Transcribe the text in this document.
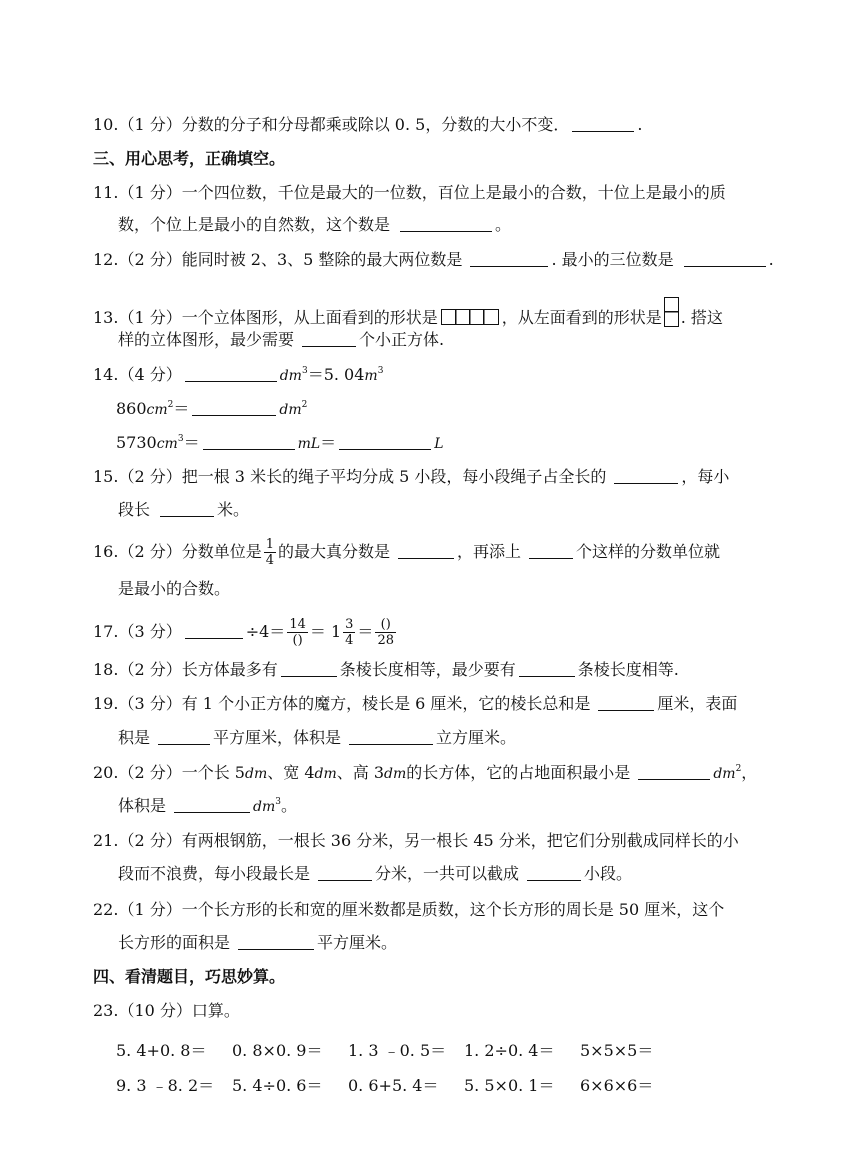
10.（1 分）分数的分子和分母都乘或除以 0. 5，分数的大小不变．	.
三、用心思考，正确填空。
11.（1 分）一个四位数，千位是最大的一位数，百位上是最小的合数，十位上是最小的质
数，个位上是最小的自然数，这个数是	。
12.（2 分）能同时被 2、3、5 整除的最大两位数是	. 最小的三位数是	.
13.（1 分）一个立体图形，从上面看到的形状是	，从左面看到的形状是 . 搭这
样的立体图形，最少需要	个小正方体.
14.（4 分）	$dm^3=5$. $04m^3$
$860cm^2=$	$dm^2$
$5730cm^3=$	mL＝	L
15.（2 分）把一根 3 米长的绳子平均分成 5 小段，每小段绳子占全长的	，每小
段长	米。
16.（2 分）分数单位是 $\frac{1}{4}$ 的最大真分数是	，再添上	个这样的分数单位就
是最小的合数。
17.（3 分）	$\div 4= \frac{14}{()} = 1 \frac{3}{4} = \frac{()}{28}$
18.（2 分）长方体最多有	条棱长度相等，最少要有	条棱长度相等.
19.（3 分）有 1 个小正方体的魔方，棱长是 6 厘米，它的棱长总和是	厘米，表面
积是	平方厘米，体积是	立方厘米。
20.（2 分）一个长 5dm、宽 4dm、高 3dm的长方体，它的占地面积最小是	$dm^2$，
体积是	$dm^3$。
21.（2 分）有两根钢筋，一根长 36 分米，另一根长 45 分米，把它们分别截成同样长的小
段而不浪费，每小段最长是	分米，一共可以截成	小段。
22.（1 分）一个长方形的长和宽的厘米数都是质数，这个长方形的周长是 50 厘米，这个
长方形的面积是	平方厘米。
四、看清题目，巧思妙算。
23.（10 分）口算。
5. 4+0. 8＝ 0. 8×0. 9＝ 1. 3 ﹣0. 5＝ 1. 2÷0. 4＝ 5×5×5＝
9. 3 ﹣8. 2＝ 5. 4÷0. 6＝ 0. 6+5. 4＝ 5. 5×0. 1＝ 6×6×6＝
